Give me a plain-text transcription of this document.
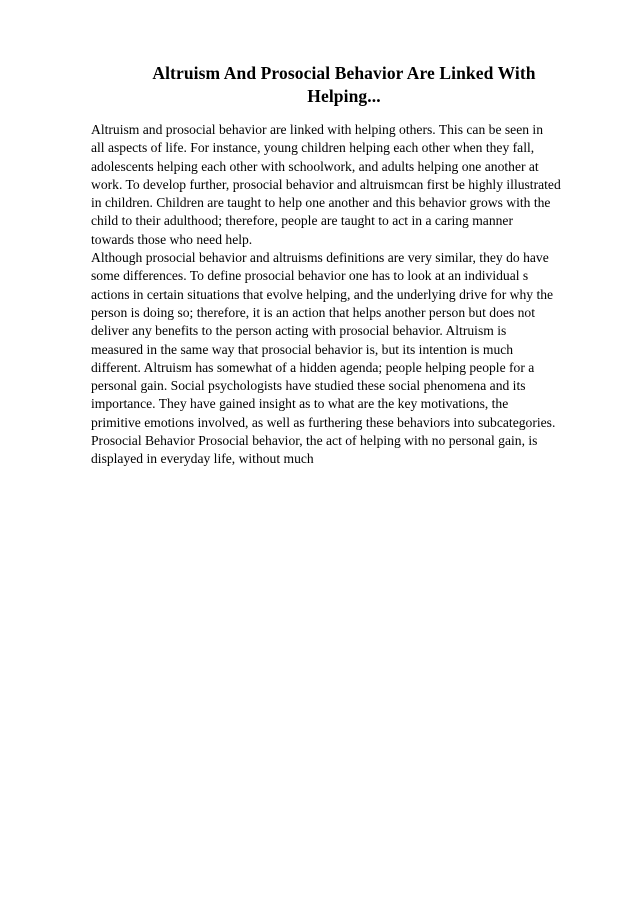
Altruism And Prosocial Behavior Are Linked With
Helping...

Altruism and prosocial behavior are linked with helping others. This can be seen in
all aspects of life. For instance, young children helping each other when they fall,
adolescents helping each other with schoolwork, and adults helping one another at
work. To develop further, prosocial behavior and altruismcan first be highly illustrated
in children. Children are taught to help one another and this behavior grows with the
child to their adulthood; therefore, people are taught to act in a caring manner
towards those who need help.

Although prosocial behavior and altruisms definitions are very similar, they do have
some differences. To define prosocial behavior one has to look at an individual s
actions in certain situations that evolve helping, and the underlying drive for why the
person is doing so; therefore, it is an action that helps another person but does not
deliver any benefits to the person acting with prosocial behavior. Altruism is
measured in the same way that prosocial behavior is, but its intention is much
different. Altruism has somewhat of a hidden agenda; people helping people for a
personal gain. Social psychologists have studied these social phenomena and its
importance. They have gained insight as to what are the key motivations, the
primitive emotions involved, as well as furthering these behaviors into subcategories.
Prosocial Behavior Prosocial behavior, the act of helping with no personal gain, is
displayed in everyday life, without much
